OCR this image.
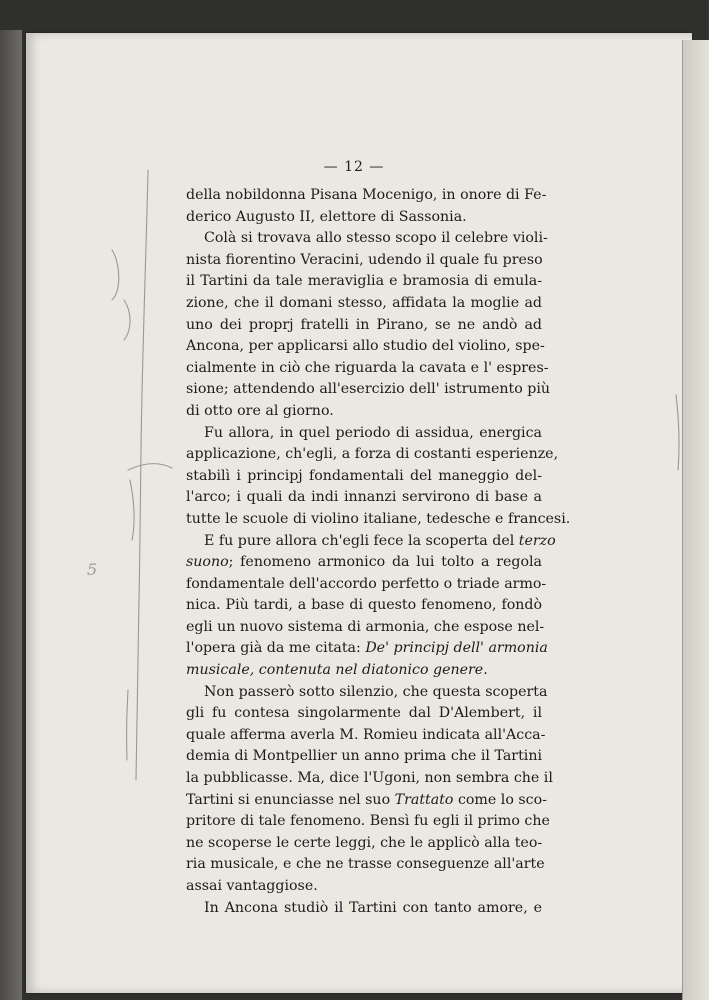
— 12 —
della nobildonna Pisana Mocenigo, in onore di Fe-
derico Augusto II, elettore di Sassonia.
Colà si trovava allo stesso scopo il celebre violi-
nista fiorentino Veracini, udendo il quale fu preso
il Tartini da tale meraviglia e bramosia di emula-
zione, che il domani stesso, affidata la moglie ad
uno dei proprj fratelli in Pirano, se ne andò ad
Ancona, per applicarsi allo studio del violino, spe-
cialmente in ciò che riguarda la cavata e l' espres-
sione; attendendo all'esercizio dell' istrumento più
di otto ore al giorno.
Fu allora, in quel periodo di assidua, energica
applicazione, ch'egli, a forza di costanti esperienze,
stabilì i principj fondamentali del maneggio del-
l'arco; i quali da indi innanzi servirono di base a
tutte le scuole di violino italiane, tedesche e francesi.
E fu pure allora ch'egli fece la scoperta del terzo
suono; fenomeno armonico da lui tolto a regola
fondamentale dell'accordo perfetto o triade armo-
nica. Più tardi, a base di questo fenomeno, fondò
egli un nuovo sistema di armonia, che espose nel-
l'opera già da me citata: De' principj dell' armonia
musicale, contenuta nel diatonico genere.
Non passerò sotto silenzio, che questa scoperta
gli fu contesa singolarmente dal D'Alembert, il
quale afferma averla M. Romieu indicata all'Acca-
demia di Montpellier un anno prima che il Tartini
la pubblicasse. Ma, dice l'Ugoni, non sembra che il
Tartini si enunciasse nel suo Trattato come lo sco-
pritore di tale fenomeno. Bensì fu egli il primo che
ne scoperse le certe leggi, che le applicò alla teo-
ria musicale, e che ne trasse conseguenze all'arte
assai vantaggiose.
In Ancona studiò il Tartini con tanto amore, e
5
